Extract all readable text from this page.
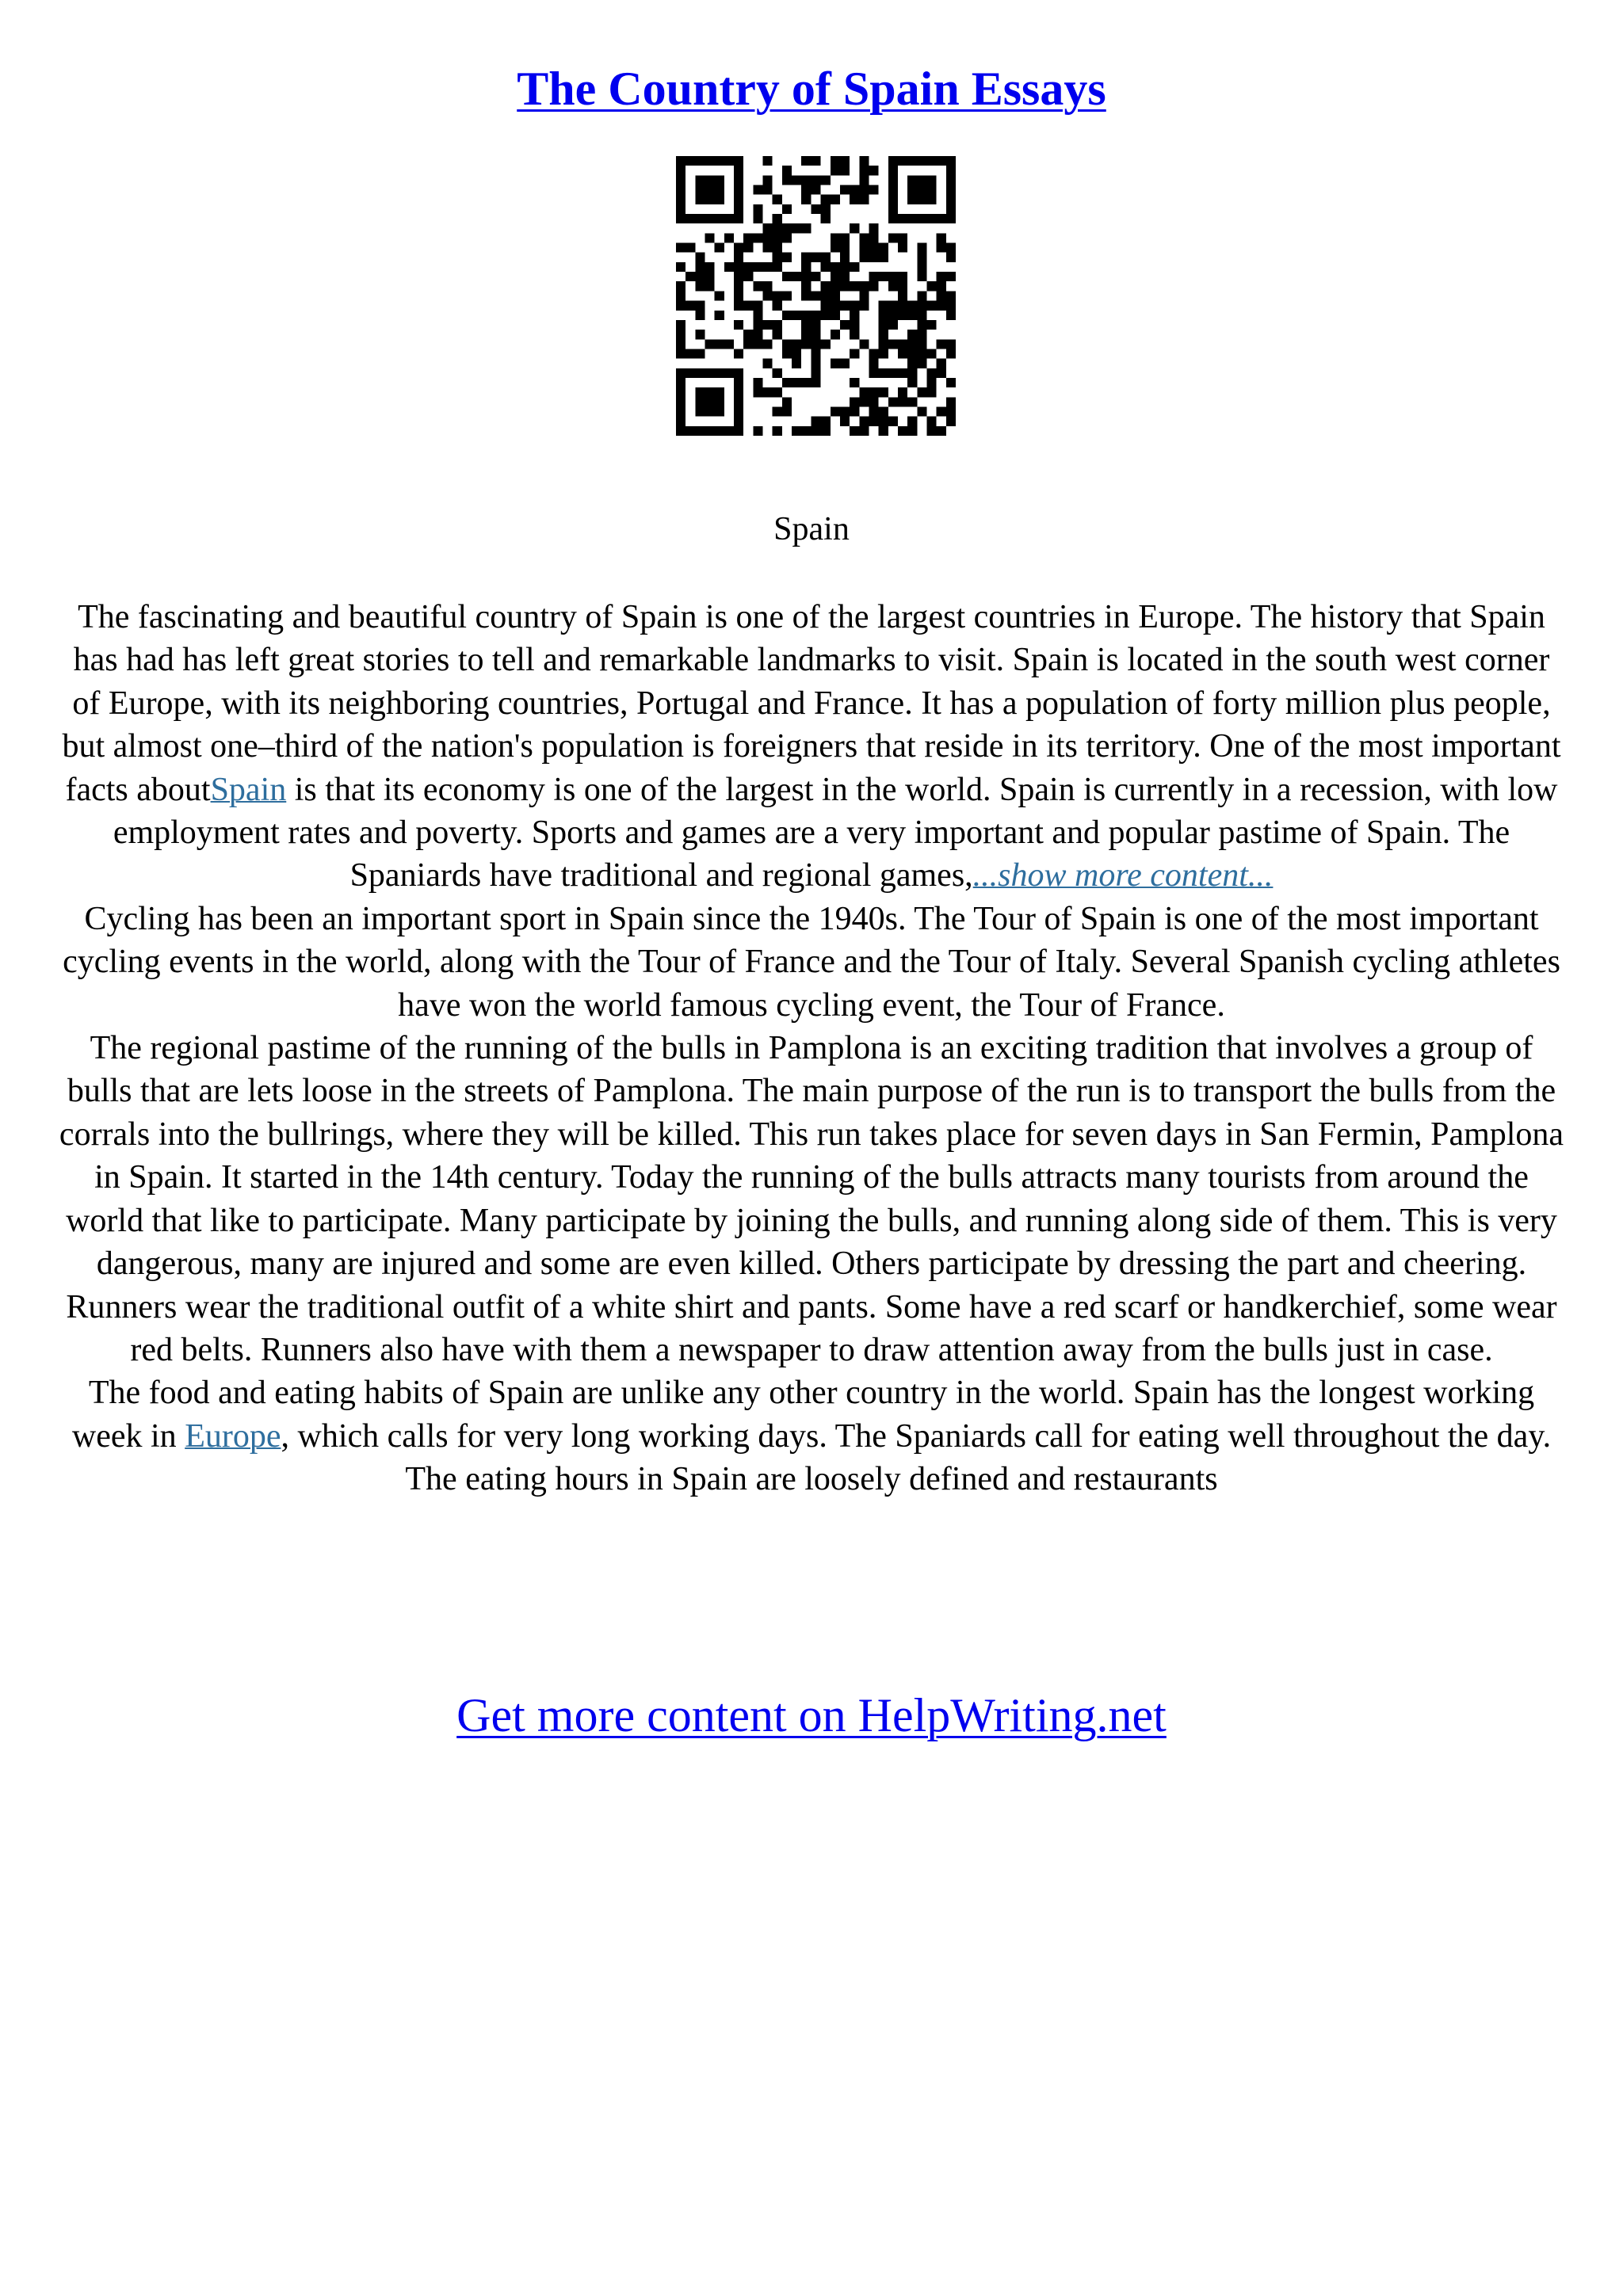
The Country of Spain Essays
Spain

The fascinating and beautiful country of Spain is one of the largest countries in Europe. The history that Spain has had has left great stories to tell and remarkable landmarks to visit. Spain is located in the south west corner of Europe, with its neighboring countries, Portugal and France. It has a population of forty million plus people, but almost one–third of the nation's population is foreigners that reside in its territory. One of the most important facts aboutSpain is that its economy is one of the largest in the world. Spain is currently in a recession, with low employment rates and poverty. Sports and games are a very important and popular pastime of Spain. The Spaniards have traditional and regional games,...show more content...

Cycling has been an important sport in Spain since the 1940s. The Tour of Spain is one of the most important cycling events in the world, along with the Tour of France and the Tour of Italy. Several Spanish cycling athletes have won the world famous cycling event, the Tour of France.

The regional pastime of the running of the bulls in Pamplona is an exciting tradition that involves a group of bulls that are lets loose in the streets of Pamplona. The main purpose of the run is to transport the bulls from the corrals into the bullrings, where they will be killed. This run takes place for seven days in San Fermin, Pamplona in Spain. It started in the 14th century. Today the running of the bulls attracts many tourists from around the world that like to participate. Many participate by joining the bulls, and running along side of them. This is very dangerous, many are injured and some are even killed. Others participate by dressing the part and cheering. Runners wear the traditional outfit of a white shirt and pants. Some have a red scarf or handkerchief, some wear red belts. Runners also have with them a newspaper to draw attention away from the bulls just in case.

The food and eating habits of Spain are unlike any other country in the world. Spain has the longest working week in Europe, which calls for very long working days. The Spaniards call for eating well throughout the day. The eating hours in Spain are loosely defined and restaurants

Get more content on HelpWriting.net
